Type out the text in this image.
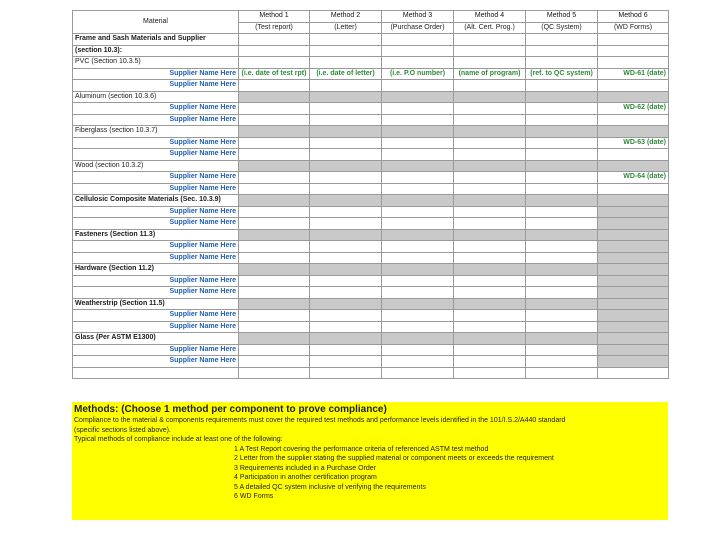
Material	Method 1	Method 2	Method 3	Method 4	Method 5	Method 6
	(Test report)	(Letter)	(Purchase Order)	(Alt. Cert. Prog.)	(QC System)	(WD Forms)
Frame and Sash Materials and Supplier						
(section 10.3):						
PVC (Section 10.3.5)						
Supplier Name Here	(i.e. date of test rpt)	(i.e. date of letter)	(i.e. P.O number)	(name of program)	(ref. to QC system)	WD-61 (date)
Supplier Name Here						
Aluminum (section 10.3.6)						
Supplier Name Here						WD-62 (date)
Supplier Name Here						
Fiberglass (section 10.3.7)						
Supplier Name Here						WD-63 (date)
Supplier Name Here						
Wood (section 10.3.2)						
Supplier Name Here						WD-64 (date)
Supplier Name Here						
Cellulosic Composite Materials (Sec. 10.3.9)						
Supplier Name Here						
Supplier Name Here						
Fasteners (Section 11.3)						
Supplier Name Here						
Supplier Name Here						
Hardware (Section 11.2)						
Supplier Name Here						
Supplier Name Here						
Weatherstrip (Section 11.5)						
Supplier Name Here						
Supplier Name Here						
Glass (Per ASTM E1300)						
Supplier Name Here						
Supplier Name Here						

Methods: (Choose 1 method per component to prove compliance)
Compliance to the material & components requirements must cover the required test methods and performance levels identified in the 101/I.S.2/A440 standard
(specific sections listed above).
Typical methods of compliance include at least one of the following:
1 A Test Report covering the performance criteria of referenced ASTM test method
2 Letter from the supplier stating the supplied material or component meets or exceeds the requirement
3 Requirements included in a Purchase Order
4 Participation in another certification program
5 A detailed QC system inclusive of verifying the requirements
6 WD Forms
